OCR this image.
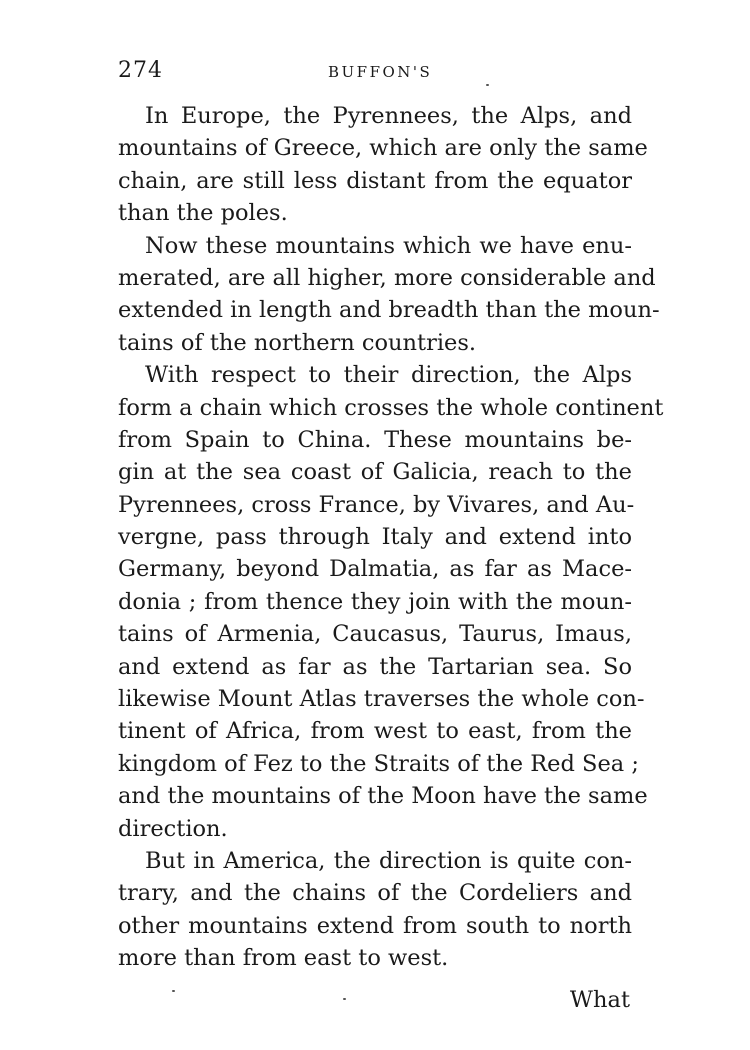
274	BUFFON'S
In Europe, the Pyrennees, the Alps, and
mountains of Greece, which are only the same
chain, are still less distant from the equator
than the poles.
Now these mountains which we have enu-
merated, are all higher, more considerable and
extended in length and breadth than the moun-
tains of the northern countries.
With respect to their direction, the Alps
form a chain which crosses the whole continent
from Spain to China. These mountains be-
gin at the sea coast of Galicia, reach to the
Pyrennees, cross France, by Vivares, and Au-
vergne, pass through Italy and extend into
Germany, beyond Dalmatia, as far as Mace-
donia ; from thence they join with the moun-
tains of Armenia, Caucasus, Taurus, Imaus,
and extend as far as the Tartarian sea. So
likewise Mount Atlas traverses the whole con-
tinent of Africa, from west to east, from the
kingdom of Fez to the Straits of the Red Sea ;
and the mountains of the Moon have the same
direction.
But in America, the direction is quite con-
trary, and the chains of the Cordeliers and
other mountains extend from south to north
more than from east to west.
What
